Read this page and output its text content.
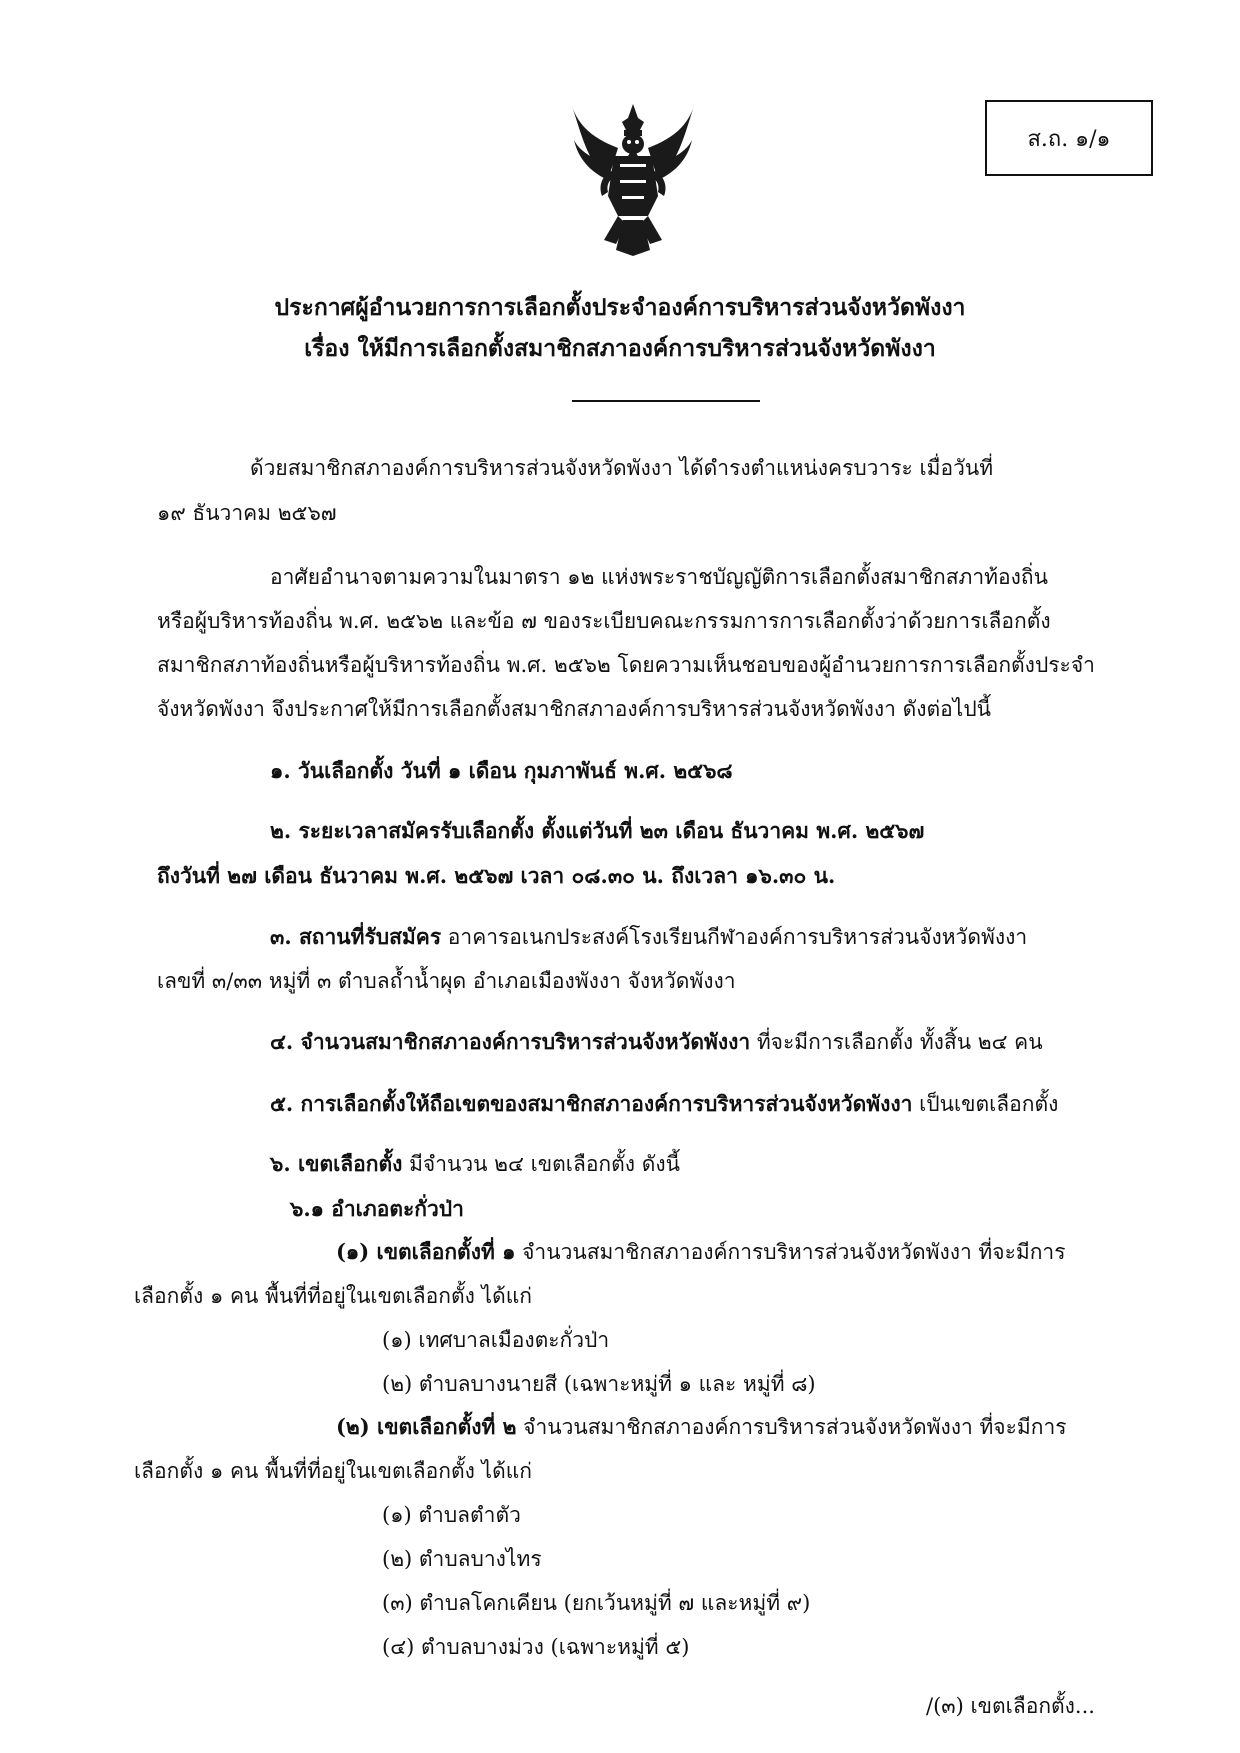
ส.ถ. ๑/๑
ประกาศผู้อำนวยการการเลือกตั้งประจำองค์การบริหารส่วนจังหวัดพังงา
เรื่อง ให้มีการเลือกตั้งสมาชิกสภาองค์การบริหารส่วนจังหวัดพังงา
ด้วยสมาชิกสภาองค์การบริหารส่วนจังหวัดพังงา ได้ดำรงตำแหน่งครบวาระ เมื่อวันที่
๑๙ ธันวาคม ๒๕๖๗
อาศัยอำนาจตามความในมาตรา ๑๒ แห่งพระราชบัญญัติการเลือกตั้งสมาชิกสภาท้องถิ่น
หรือผู้บริหารท้องถิ่น พ.ศ. ๒๕๖๒ และข้อ ๗ ของระเบียบคณะกรรมการการเลือกตั้งว่าด้วยการเลือกตั้ง
สมาชิกสภาท้องถิ่นหรือผู้บริหารท้องถิ่น พ.ศ. ๒๕๖๒ โดยความเห็นชอบของผู้อำนวยการการเลือกตั้งประจำ
จังหวัดพังงา จึงประกาศให้มีการเลือกตั้งสมาชิกสภาองค์การบริหารส่วนจังหวัดพังงา ดังต่อไปนี้
๑. วันเลือกตั้ง วันที่ ๑ เดือน กุมภาพันธ์ พ.ศ. ๒๕๖๘
๒. ระยะเวลาสมัครรับเลือกตั้ง ตั้งแต่วันที่ ๒๓ เดือน ธันวาคม พ.ศ. ๒๕๖๗
ถึงวันที่ ๒๗ เดือน ธันวาคม พ.ศ. ๒๕๖๗ เวลา ๐๘.๓๐ น. ถึงเวลา ๑๖.๓๐ น.
๓. สถานที่รับสมัคร อาคารอเนกประสงค์โรงเรียนกีฬาองค์การบริหารส่วนจังหวัดพังงา
เลขที่ ๓/๓๓ หมู่ที่ ๓ ตำบลถ้ำน้ำผุด อำเภอเมืองพังงา จังหวัดพังงา
๔. จำนวนสมาชิกสภาองค์การบริหารส่วนจังหวัดพังงา ที่จะมีการเลือกตั้ง ทั้งสิ้น ๒๔ คน
๕. การเลือกตั้งให้ถือเขตของสมาชิกสภาองค์การบริหารส่วนจังหวัดพังงา เป็นเขตเลือกตั้ง
๖. เขตเลือกตั้ง มีจำนวน ๒๔ เขตเลือกตั้ง ดังนี้
๖.๑ อำเภอตะกั่วป่า
(๑) เขตเลือกตั้งที่ ๑ จำนวนสมาชิกสภาองค์การบริหารส่วนจังหวัดพังงา ที่จะมีการ
เลือกตั้ง ๑ คน พื้นที่ที่อยู่ในเขตเลือกตั้ง ได้แก่
(๑) เทศบาลเมืองตะกั่วป่า
(๒) ตำบลบางนายสี (เฉพาะหมู่ที่ ๑ และ หมู่ที่ ๘)
(๒) เขตเลือกตั้งที่ ๒ จำนวนสมาชิกสภาองค์การบริหารส่วนจังหวัดพังงา ที่จะมีการ
เลือกตั้ง ๑ คน พื้นที่ที่อยู่ในเขตเลือกตั้ง ได้แก่
(๑) ตำบลตำตัว
(๒) ตำบลบางไทร
(๓) ตำบลโคกเคียน (ยกเว้นหมู่ที่ ๗ และหมู่ที่ ๙)
(๔) ตำบลบางม่วง (เฉพาะหมู่ที่ ๕)
/(๓) เขตเลือกตั้ง...
